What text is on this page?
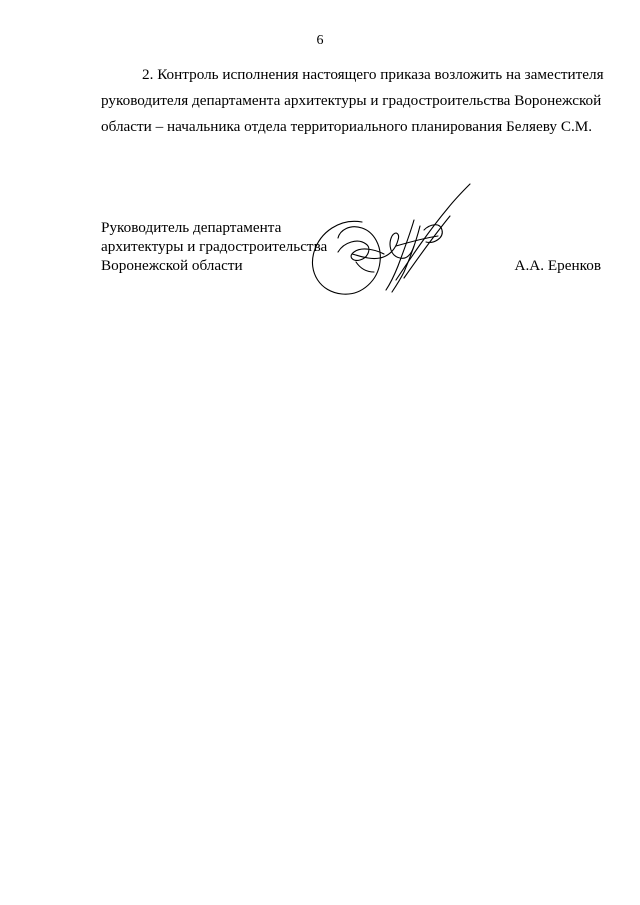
6
2. Контроль исполнения настоящего приказа возложить на заместителя
руководителя департамента архитектуры и градостроительства Воронежской
области – начальника отдела территориального планирования Беляеву С.М.
Руководитель департамента
архитектуры и градостроительства
Воронежской области	А.А. Еренков
